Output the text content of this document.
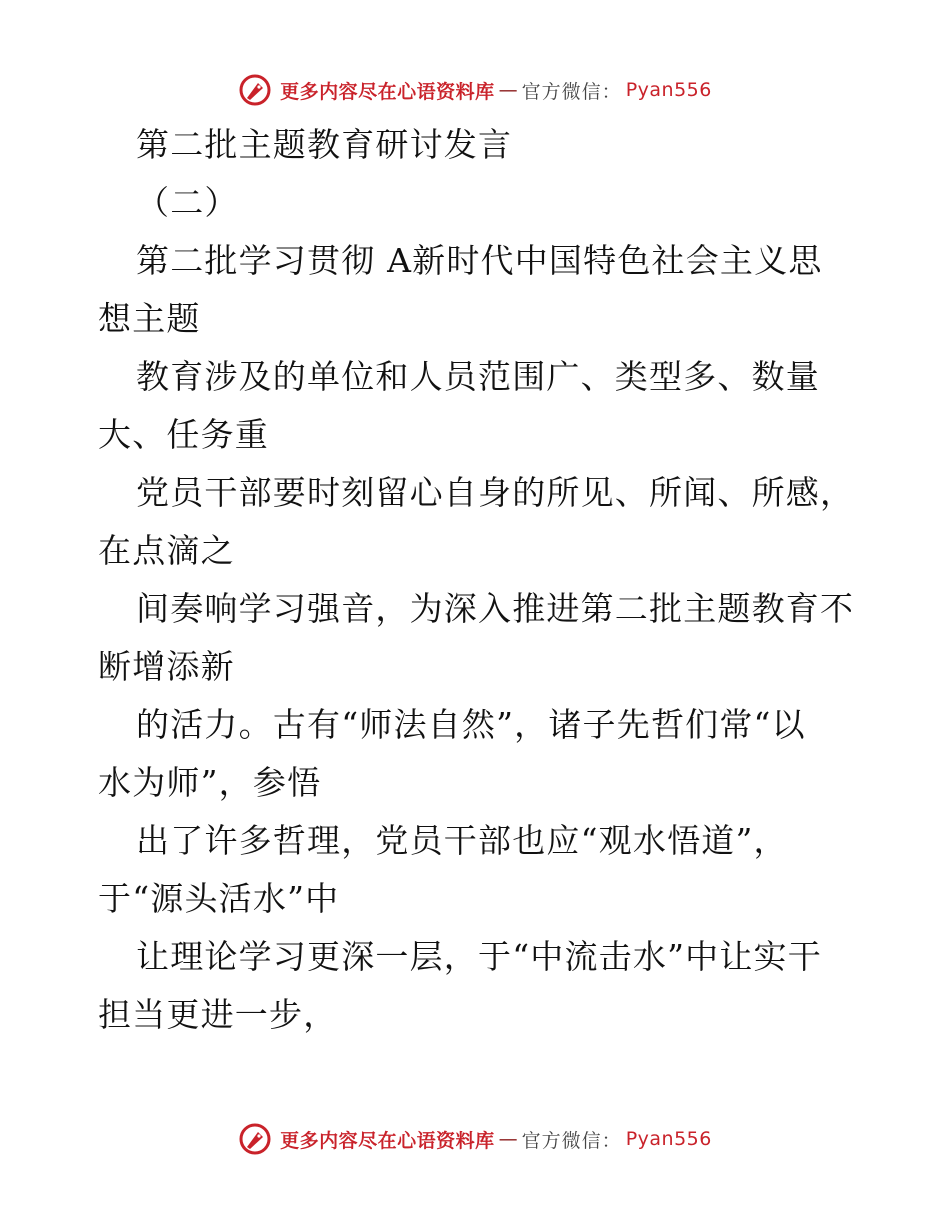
更多内容尽在心语资料库 — 官方微信： Pyan556
第二批主题教育研讨发言
（二）
第二批学习贯彻 A新时代中国特色社会主义思
想主题
教育涉及的单位和人员范围广、类型多、数量
大、任务重
党员干部要时刻留心自身的所见、所闻、所感，
在点滴之
间奏响学习强音，为深入推进第二批主题教育不
断增添新
的活力。古有“师法自然”，诸子先哲们常“以
水为师”，参悟
出了许多哲理，党员干部也应“观水悟道”，
于“源头活水”中
让理论学习更深一层，于“中流击水”中让实干
担当更进一步，
更多内容尽在心语资料库 — 官方微信： Pyan556
